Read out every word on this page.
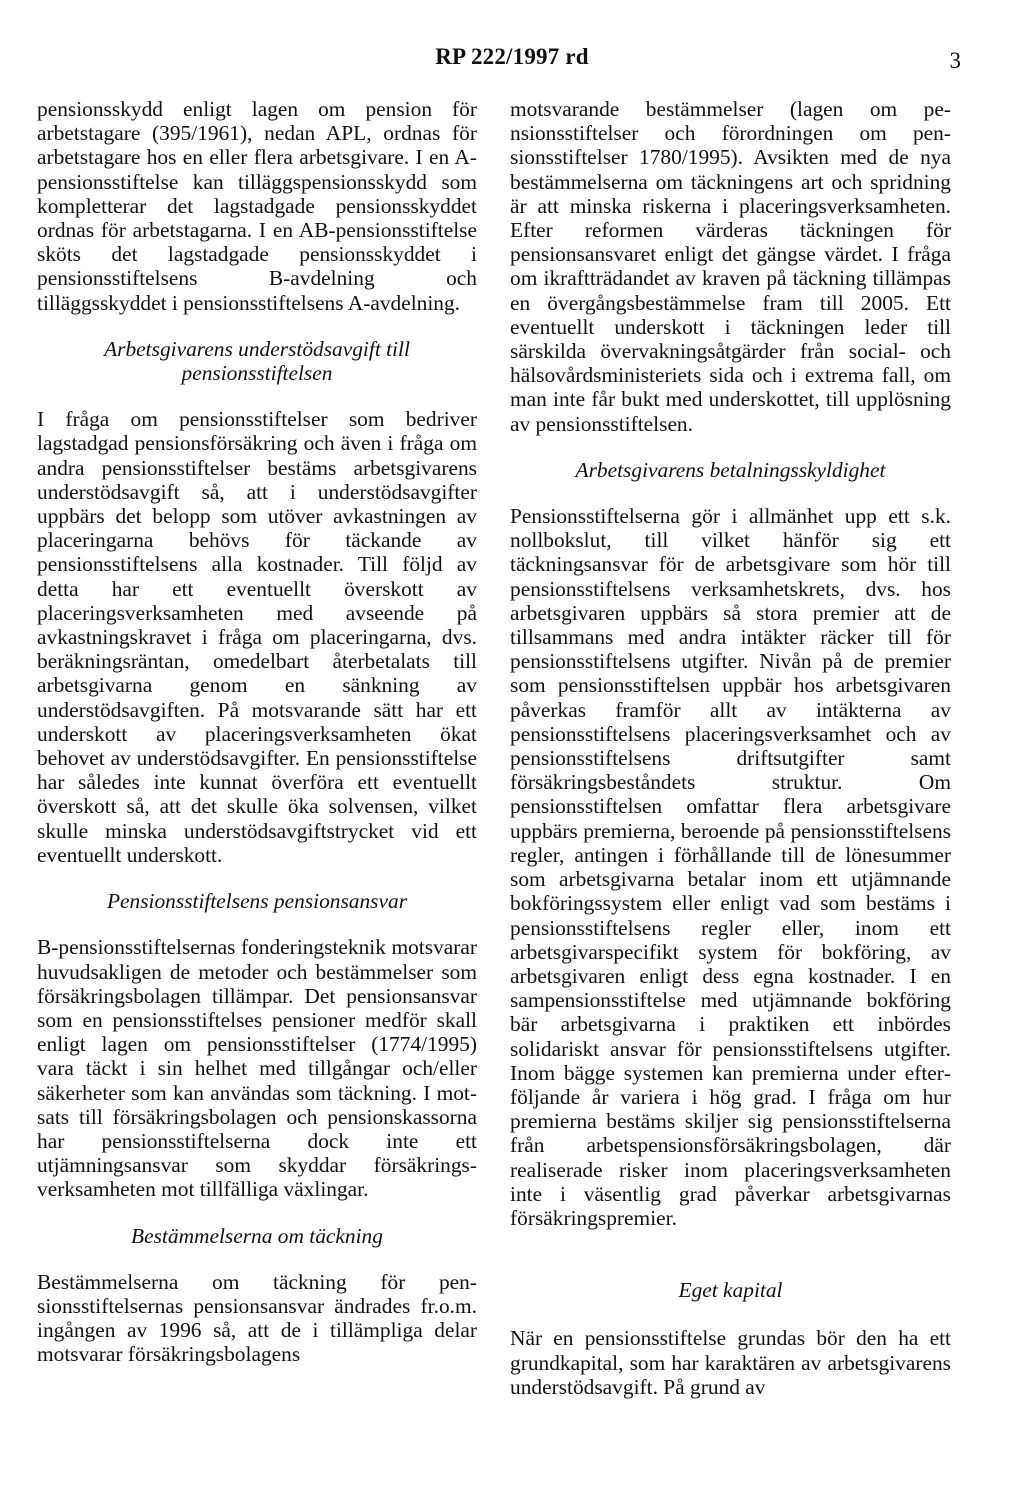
RP 222/1997 rd	3

pensionsskydd enligt lagen om pension för arbetstagare (395/1961), nedan APL, ordnas för arbetstagare hos en eller flera arbetsgivare. I en A-pensionsstiftelse kan tilläggspensionsskydd som kompletterar det lagstadgade pensionsskyddet ordnas för arbetstagarna. I en AB-pensionsstiftelse sköts det lagstadgade pensionsskyddet i pensionsstiftelsens B-avdelning och tilläggsskyddet i pensionsstiftelsens A-avdelning.

Arbetsgivarens understödsavgift till pensionsstiftelsen

I fråga om pensionsstiftelser som bedriver lagstadgad pensionsförsäkring och även i fråga om andra pensionsstiftelser bestäms arbetsgivarens understödsavgift så, att i understödsavgifter uppbärs det belopp som utöver avkastningen av placeringarna behövs för täckande av pensionsstiftelsens alla kostnader. Till följd av detta har ett eventuellt överskott av placeringsverksamheten med avseende på avkastningskravet i fråga om placeringarna, dvs. beräkningsräntan, omedelbart återbetalats till arbetsgivarna genom en sänkning av understödsavgiften. På motsvarande sätt har ett underskott av placeringsverksamheten ökat behovet av understödsavgifter. En pensionsstiftelse har således inte kunnat överföra ett eventuellt överskott så, att det skulle öka solvensen, vilket skulle minska understödsavgiftstrycket vid ett eventuellt underskott.

Pensionsstiftelsens pensionsansvar

B-pensionsstiftelsernas fonderingsteknik motsvarar huvudsakligen de metoder och bestämmelser som försäkringsbolagen tillämpar. Det pensionsansvar som en pensionsstiftelses pensioner medför skall enligt lagen om pensionsstiftelser (1774/1995) vara täckt i sin helhet med tillgångar och/eller säkerheter som kan användas som täckning. I motsats till försäkringsbolagen och pensionskassorna har pensionsstiftelserna dock inte ett utjämningsansvar som skyddar försäkringsverksamheten mot tillfälliga växlingar.

Bestämmelserna om täckning

Bestämmelserna om täckning för pensionsstiftelsernas pensionsansvar ändrades fr.o.m. ingången av 1996 så, att de i tillämpliga delar motsvarar försäkringsbolagens

motsvarande bestämmelser (lagen om pensionsstiftelser och förordningen om pensionsstiftelser 1780/1995). Avsikten med de nya bestämmelserna om täckningens art och spridning är att minska riskerna i placeringsverksamheten. Efter reformen värderas täckningen för pensionsansvaret enligt det gängse värdet. I fråga om ikraftträdandet av kraven på täckning tillämpas en övergångsbestämmelse fram till 2005. Ett eventuellt underskott i täckningen leder till särskilda övervakningsåtgärder från social- och hälsovårdsministeriets sida och i extrema fall, om man inte får bukt med underskottet, till upplösning av pensionsstiftelsen.

Arbetsgivarens betalningsskyldighet

Pensionsstiftelserna gör i allmänhet upp ett s.k. nollbokslut, till vilket hänför sig ett täckningsansvar för de arbetsgivare som hör till pensionsstiftelsens verksamhetskrets, dvs. hos arbetsgivaren uppbärs så stora premier att de tillsammans med andra intäkter räcker till för pensionsstiftelsens utgifter. Nivån på de premier som pensionsstiftelsen uppbär hos arbetsgivaren påverkas framför allt av intäkterna av pensionsstiftelsens placeringsverksamhet och av pensionsstiftelsens driftsutgifter samt försäkringsbeståndets struktur. Om pensionsstiftelsen omfattar flera arbetsgivare uppbärs premierna, beroende på pensionsstiftelsens regler, antingen i förhållande till de lönesummer som arbetsgivarna betalar inom ett utjämnande bokföringssystem eller enligt vad som bestäms i pensionsstiftelsens regler eller, inom ett arbetsgivarspecifikt system för bokföring, av arbetsgivaren enligt dess egna kostnader. I en sampensionsstiftelse med utjämnande bokföring bär arbetsgivarna i praktiken ett inbördes solidariskt ansvar för pensionsstiftelsens utgifter. Inom bägge systemen kan premierna under efterföljande år variera i hög grad. I fråga om hur premierna bestäms skiljer sig pensionsstiftelserna från arbetspensionsförsäkringsbolagen, där realiserade risker inom placeringsverksamheten inte i väsentlig grad påverkar arbetsgivarnas försäkringspremier.

Eget kapital

När en pensionsstiftelse grundas bör den ha ett grundkapital, som har karaktären av arbetsgivarens understödsavgift. På grund av
